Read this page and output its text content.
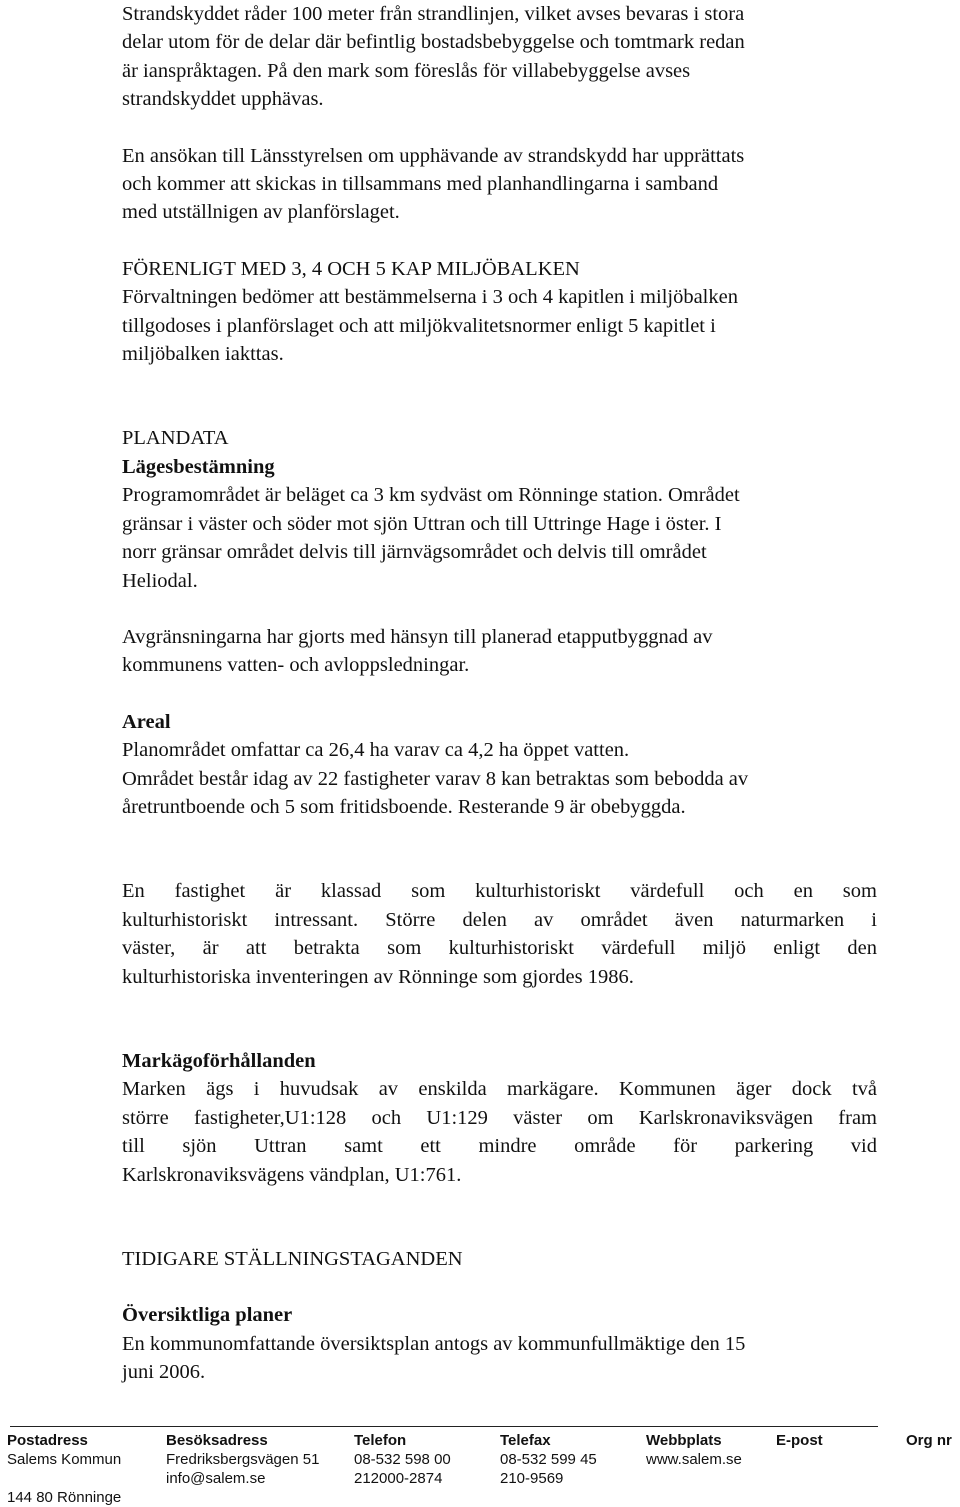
Strandskyddet råder 100 meter från strandlinjen, vilket avses bevaras i stora
delar utom för de delar där befintlig bostadsbebyggelse och tomtmark redan
är ianspråktagen. På den mark som föreslås för villabebyggelse avses
strandskyddet upphävas.

En ansökan till Länsstyrelsen om upphävande av strandskydd har upprättats
och kommer att skickas in tillsammans med planhandlingarna i samband
med utställnigen av planförslaget.

FÖRENLIGT MED 3, 4 OCH 5 KAP MILJÖBALKEN

Förvaltningen bedömer att bestämmelserna i 3 och 4 kapitlen i miljöbalken
tillgodoses i planförslaget och att miljökvalitetsnormer enligt 5 kapitlet i
miljöbalken iakttas.

PLANDATA

Lägesbestämning

Programområdet är beläget ca 3 km sydväst om Rönninge station. Området
gränsar i väster och söder mot sjön Uttran och till Uttringe Hage i öster. I
norr gränsar området delvis till järnvägsområdet och delvis till området
Heliodal.

Avgränsningarna har gjorts med hänsyn till planerad etapputbyggnad av
kommunens vatten- och avloppsledningar.

Areal

Planområdet omfattar ca 26,4 ha varav ca 4,2 ha öppet vatten.
Området består idag av 22 fastigheter varav 8 kan betraktas som bebodda av
åretruntboende och 5 som fritidsboende. Resterande 9 är obebyggda.

En fastighet är klassad som kulturhistoriskt värdefull och en som
kulturhistoriskt intressant. Större delen av området även naturmarken i
väster, är att betrakta som kulturhistoriskt värdefull miljö enligt den
kulturhistoriska inventeringen av Rönninge som gjordes 1986.

Markägoförhållanden

Marken ägs i huvudsak av enskilda markägare. Kommunen äger dock två
större fastigheter,U1:128 och U1:129 väster om Karlskronaviksvägen fram
till sjön Uttran samt ett mindre område för parkering vid
Karlskronaviksvägens vändplan, U1:761.

TIDIGARE STÄLLNINGSTAGANDEN

Översiktliga planer

En kommunomfattande översiktsplan antogs av kommunfullmäktige den 15
juni 2006.

Postadress
Salems Kommun
144 80 Rönninge
Besöksadress
Fredriksbergsvägen 51
info@salem.se
Telefon
08-532 598 00
212000-2874
Telefax
08-532 599 45
210-9569
Webbplats
www.salem.se
E-post	Org nr
